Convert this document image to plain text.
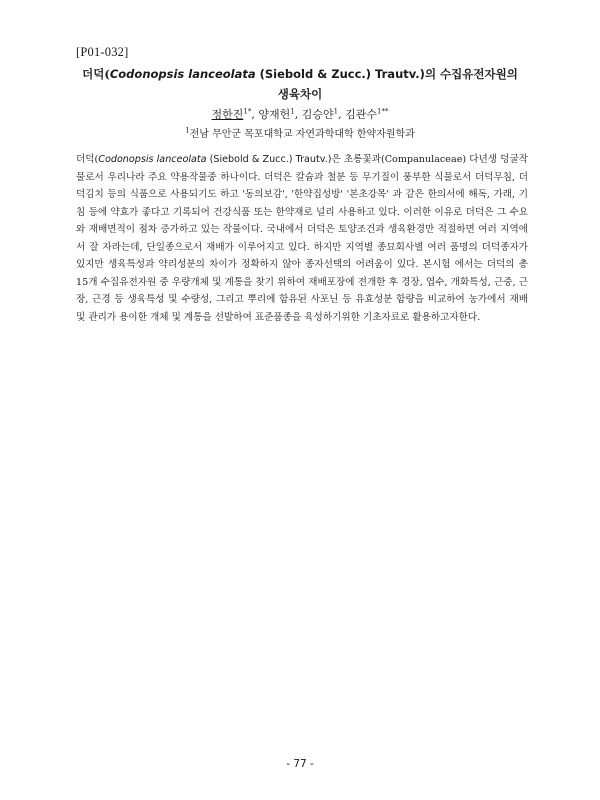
[P01-032]
더덕(Codonopsis lanceolata (Siebold & Zucc.) Trautv.)의 수집유전자원의
생육차이
정한진$^{1*}$, 양재헌$^1$, 김승얀$^1$, 김관수$^{1**}$
$^1$전남 무안군 목포대학교 자연과학대학 한약자원학과
더덕(Codonopsis lanceolata (Siebold & Zucc.) Trautv.)은 초롱꽃과(Companulaceae) 다년생 덩굴작물로서 우리나라 주요 약용작물중 하나이다. 더덕은 칼슘과 철분 등 무기질이 풍부한 식물로서 더덕무침, 더덕김치 등의 식품으로 사용되기도 하고 '동의보감', '한약집성방' '본초강목' 과 같은 한의서에 해독, 가래, 기침 등에 약효가 좋다고 기록되어 건강식품 또는 한약재로 널리 사용하고 있다. 이러한 이유로 더덕은 그 수요와 재배면적이 점차 증가하고 있는 작물이다. 국내에서 더덕은 토양조건과 생육환경만 적절하면 여러 지역에서 잘 자라는데, 단일종으로서 재배가 이루어지고 있다. 하지만 지역별 종묘회사별 여러 품명의 더덕종자가 있지만 생육특성과 약리성분의 차이가 정확하지 않아 종자선택의 어려움이 있다. 본시험 에서는 더덕의 총 15개 수집유전자원 중 우량개체 및 계통을 찾기 위하여 재배포장에 전개한 후 경장, 엽수, 개화특성, 근중, 근장, 근경 등 생육특성 및 수량성, 그리고 뿌리에 함유된 사포닌 등 유효성분 함량을 비교하여 농가에서 재배 및 관리가 용이한 개체 및 계통을 선발하여 표준품종을 육성하기위한 기초자료로 활용하고자한다.
- 77 -
